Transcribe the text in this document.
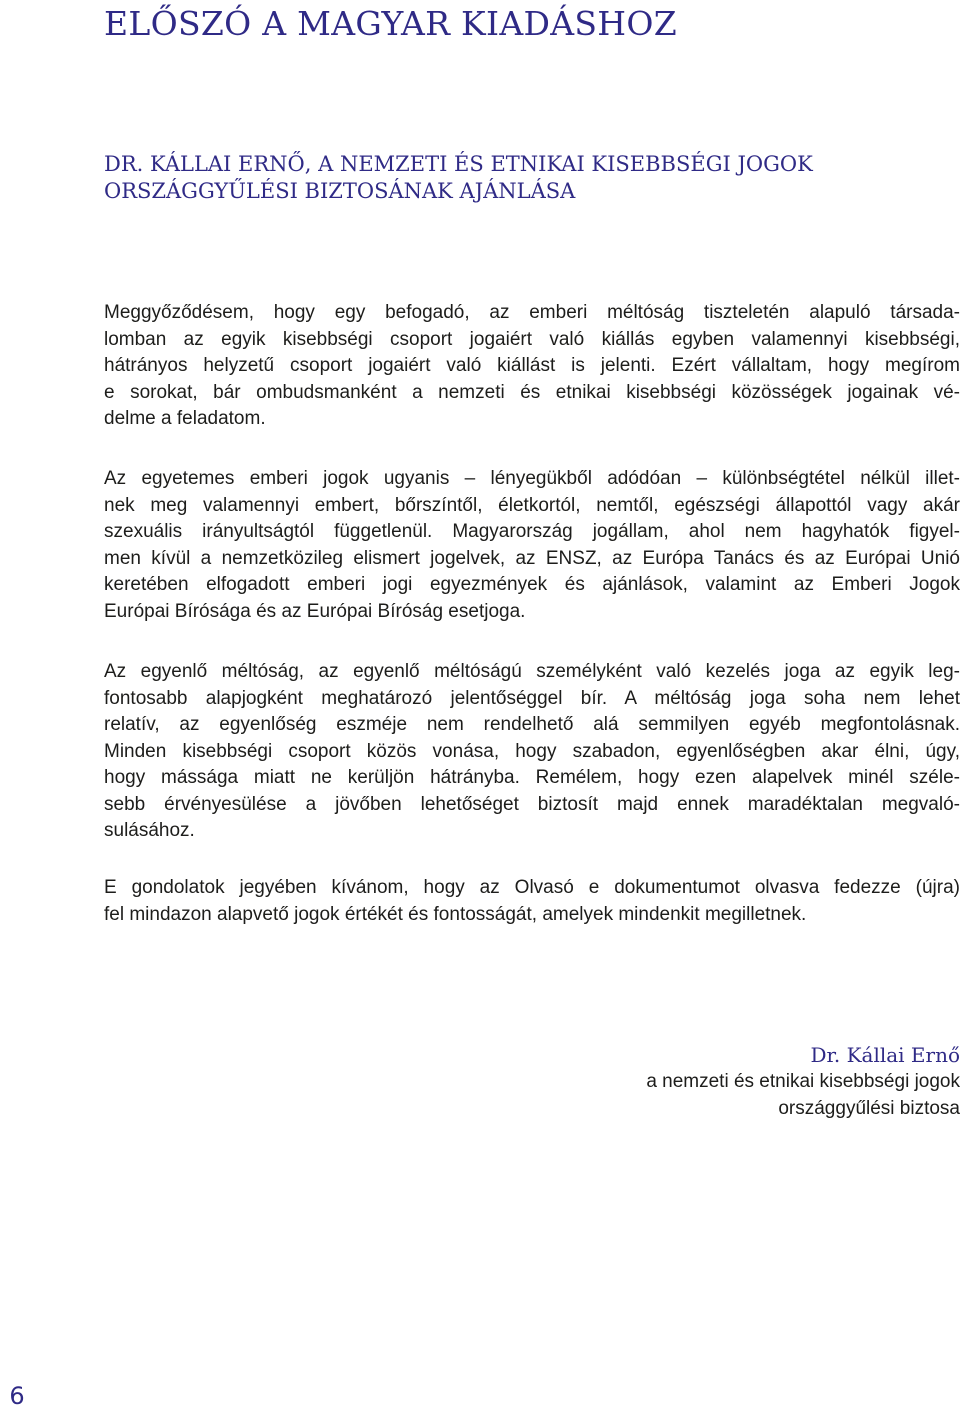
ELŐSZÓ A MAGYAR KIADÁSHOZ
DR. KÁLLAI ERNŐ, A NEMZETI ÉS ETNIKAI KISEBBSÉGI JOGOK
ORSZÁGGYŰLÉSI BIZTOSÁNAK AJÁNLÁSA

Meggyőződésem, hogy egy befogadó, az emberi méltóság tiszteletén alapuló társada-
lomban az egyik kisebbségi csoport jogaiért való kiállás egyben valamennyi kisebbségi,
hátrányos helyzetű csoport jogaiért való kiállást is jelenti. Ezért vállaltam, hogy megírom
e sorokat, bár ombudsmanként a nemzeti és etnikai kisebbségi közösségek jogainak vé-
delme a feladatom.

Az egyetemes emberi jogok ugyanis – lényegükből adódóan – különbségtétel nélkül illet-
nek meg valamennyi embert, bőrszíntől, életkortól, nemtől, egészségi állapottól vagy akár
szexuális irányultságtól függetlenül. Magyarország jogállam, ahol nem hagyhatók figyel-
men kívül a nemzetközileg elismert jogelvek, az ENSZ, az Európa Tanács és az Európai Unió
keretében elfogadott emberi jogi egyezmények és ajánlások, valamint az Emberi Jogok
Európai Bírósága és az Európai Bíróság esetjoga.

Az egyenlő méltóság, az egyenlő méltóságú személyként való kezelés joga az egyik leg-
fontosabb alapjogként meghatározó jelentőséggel bír. A méltóság joga soha nem lehet
relatív, az egyenlőség eszméje nem rendelhető alá semmilyen egyéb megfontolásnak.
Minden kisebbségi csoport közös vonása, hogy szabadon, egyenlőségben akar élni, úgy,
hogy mássága miatt ne kerüljön hátrányba. Remélem, hogy ezen alapelvek minél széle-
sebb érvényesülése a jövőben lehetőséget biztosít majd ennek maradéktalan megvaló-
sulásához.

E gondolatok jegyében kívánom, hogy az Olvasó e dokumentumot olvasva fedezze (újra)
fel mindazon alapvető jogok értékét és fontosságát, amelyek mindenkit megilletnek.

Dr. Kállai Ernő
a nemzeti és etnikai kisebbségi jogok
országgyűlési biztosa
6
